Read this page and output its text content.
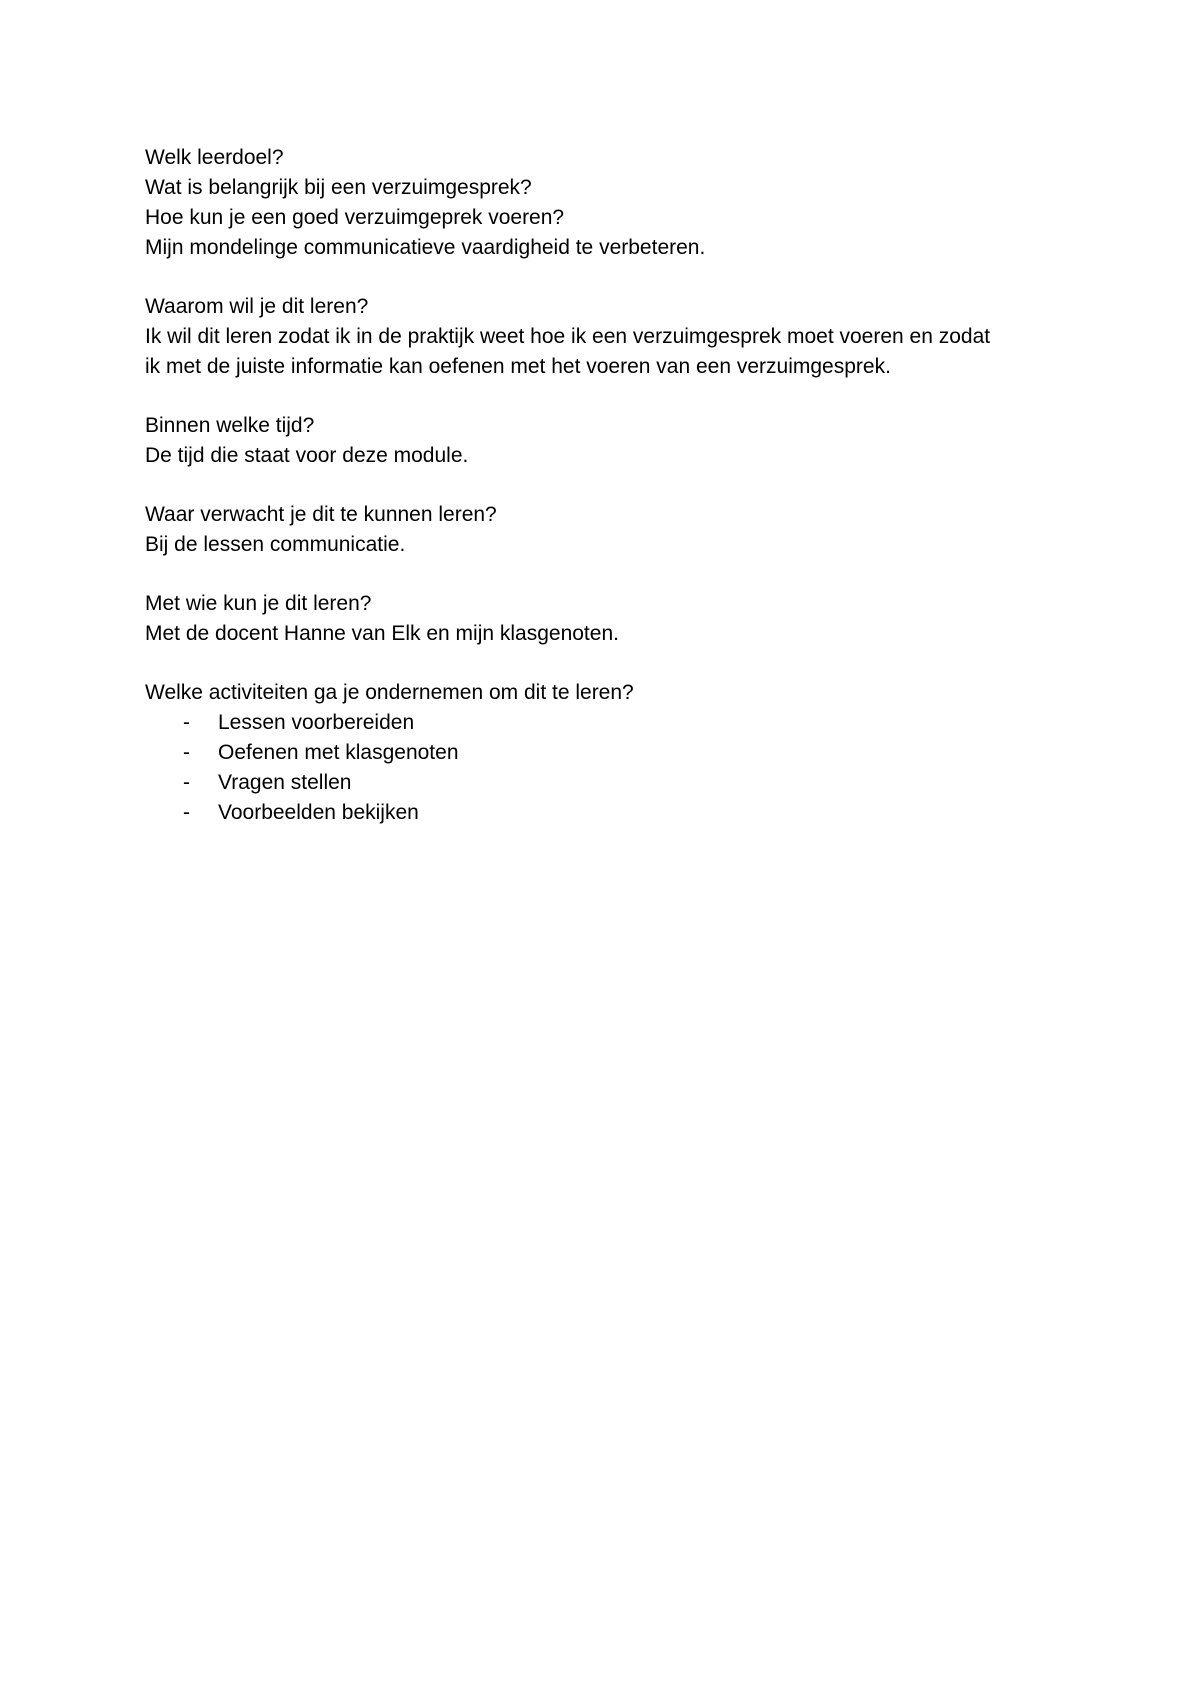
Welk leerdoel?
Wat is belangrijk bij een verzuimgesprek?
Hoe kun je een goed verzuimgeprek voeren?
Mijn mondelinge communicatieve vaardigheid te verbeteren.
Waarom wil je dit leren?
Ik wil dit leren zodat ik in de praktijk weet hoe ik een verzuimgesprek moet voeren en zodat
ik met de juiste informatie kan oefenen met het voeren van een verzuimgesprek.
Binnen welke tijd?
De tijd die staat voor deze module.
Waar verwacht je dit te kunnen leren?
Bij de lessen communicatie.
Met wie kun je dit leren?
Met de docent Hanne van Elk en mijn klasgenoten.
Welke activiteiten ga je ondernemen om dit te leren?
- Lessen voorbereiden
- Oefenen met klasgenoten
- Vragen stellen
- Voorbeelden bekijken
